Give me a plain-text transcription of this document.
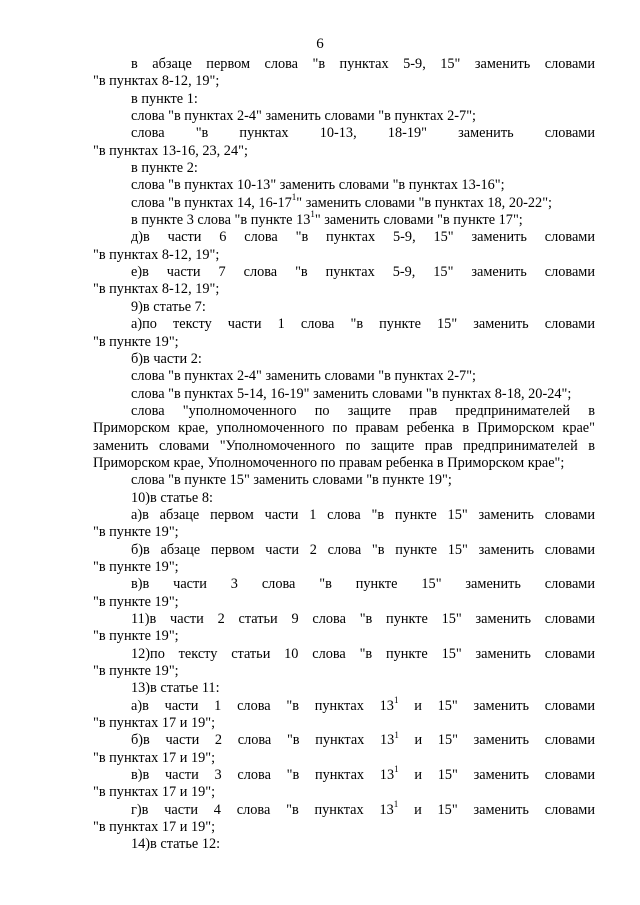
6
в абзаце первом слова "в пунктах 5-9, 15" заменить словами
"в пунктах 8-12, 19";
в пункте 1:
слова "в пунктах 2-4" заменить словами "в пунктах 2-7";
слова "в пунктах 10-13, 18-19" заменить словами
"в пунктах 13-16, 23, 24";
в пункте 2:
слова "в пунктах 10-13" заменить словами "в пунктах 13-16";
слова "в пунктах 14, $16-17^1$" заменить словами "в пунктах 18, 20-22";
в пункте 3 слова "в пункте $13^1$" заменить словами "в пункте 17";
д)в части 6 слова "в пунктах 5-9, 15" заменить словами
"в пунктах 8-12, 19";
е)в части 7 слова "в пунктах 5-9, 15" заменить словами
"в пунктах 8-12, 19";
9)в статье 7:
а)по тексту части 1 слова "в пункте 15" заменить словами
"в пункте 19";
б)в части 2:
слова "в пунктах 2-4" заменить словами "в пунктах 2-7";
слова "в пунктах 5-14, 16-19" заменить словами "в пунктах 8-18, 20-24";
слова "уполномоченного по защите прав предпринимателей в
Приморском крае, уполномоченного по правам ребенка в Приморском крае"
заменить словами "Уполномоченного по защите прав предпринимателей в
Приморском крае, Уполномоченного по правам ребенка в Приморском крае";
слова "в пункте 15" заменить словами "в пункте 19";
10)в статье 8:
а)в абзаце первом части 1 слова "в пункте 15" заменить словами
"в пункте 19";
б)в абзаце первом части 2 слова "в пункте 15" заменить словами
"в пункте 19";
в)в части 3 слова "в пункте 15" заменить словами
"в пункте 19";
11)в части 2 статьи 9 слова "в пункте 15" заменить словами
"в пункте 19";
12)по тексту статьи 10 слова "в пункте 15" заменить словами
"в пункте 19";
13)в статье 11:
а)в части 1 слова "в пунктах $13^1$ и 15" заменить словами
"в пунктах 17 и 19";
б)в части 2 слова "в пунктах $13^1$ и 15" заменить словами
"в пунктах 17 и 19";
в)в части 3 слова "в пунктах $13^1$ и 15" заменить словами
"в пунктах 17 и 19";
г)в части 4 слова "в пунктах $13^1$ и 15" заменить словами
"в пунктах 17 и 19";
14)в статье 12:
